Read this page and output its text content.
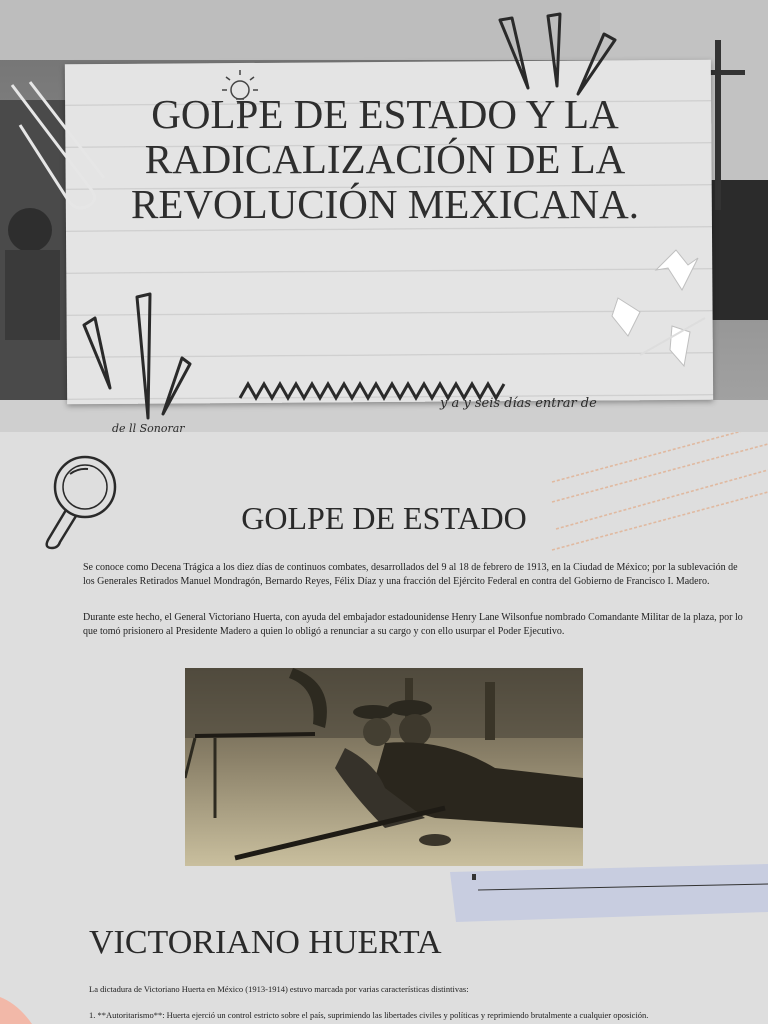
GOLPE DE ESTADO Y LA RADICALIZACIÓN DE LA REVOLUCIÓN MEXICANA.
y a y seis días entrar de
de ll Sonorar
GOLPE DE ESTADO
Se conoce como Decena Trágica a los diez días de continuos combates, desarrollados del 9 al 18 de febrero de 1913, en la Ciudad de México; por la sublevación de los Generales Retirados Manuel Mondragón, Bernardo Reyes, Félix Díaz y una fracción del Ejército Federal en contra del Gobierno de Francisco I. Madero.
Durante este hecho, el General Victoriano Huerta, con ayuda del embajador estadounidense Henry Lane Wilsonfue nombrado Comandante Militar de la plaza, por lo que tomó prisionero al Presidente Madero a quien lo obligó a renunciar a su cargo y con ello usurpar el Poder Ejecutivo.
VICTORIANO HUERTA
La dictadura de Victoriano Huerta en México (1913-1914) estuvo marcada por varias características distintivas:
1. **Autoritarismo**: Huerta ejerció un control estricto sobre el país, suprimiendo las libertades civiles y políticas y reprimiendo brutalmente a cualquier oposición.
